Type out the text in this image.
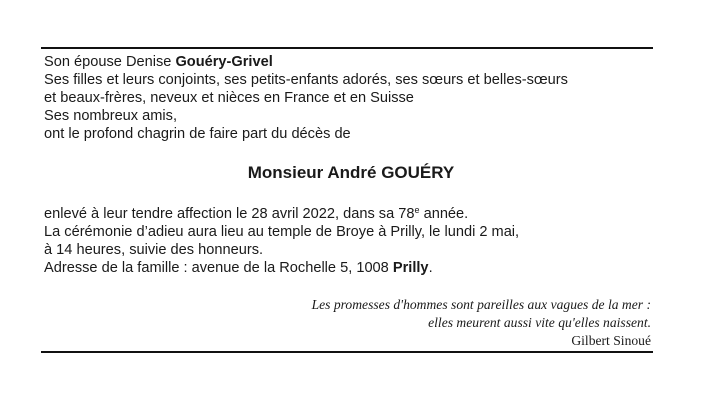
Son épouse Denise Gouéry-Grivel
Ses filles et leurs conjoints, ses petits-enfants adorés, ses sœurs et belles-sœurs
et beaux-frères, neveux et nièces en France et en Suisse
Ses nombreux amis,
ont le profond chagrin de faire part du décès de
Monsieur André GOUÉRY
enlevé à leur tendre affection le 28 avril 2022, dans sa 78e année.
La cérémonie d’adieu aura lieu au temple de Broye à Prilly, le lundi 2 mai,
à 14 heures, suivie des honneurs.
Adresse de la famille : avenue de la Rochelle 5, 1008 Prilly.
Les promesses d'hommes sont pareilles aux vagues de la mer :
elles meurent aussi vite qu'elles naissent.
Gilbert Sinoué
